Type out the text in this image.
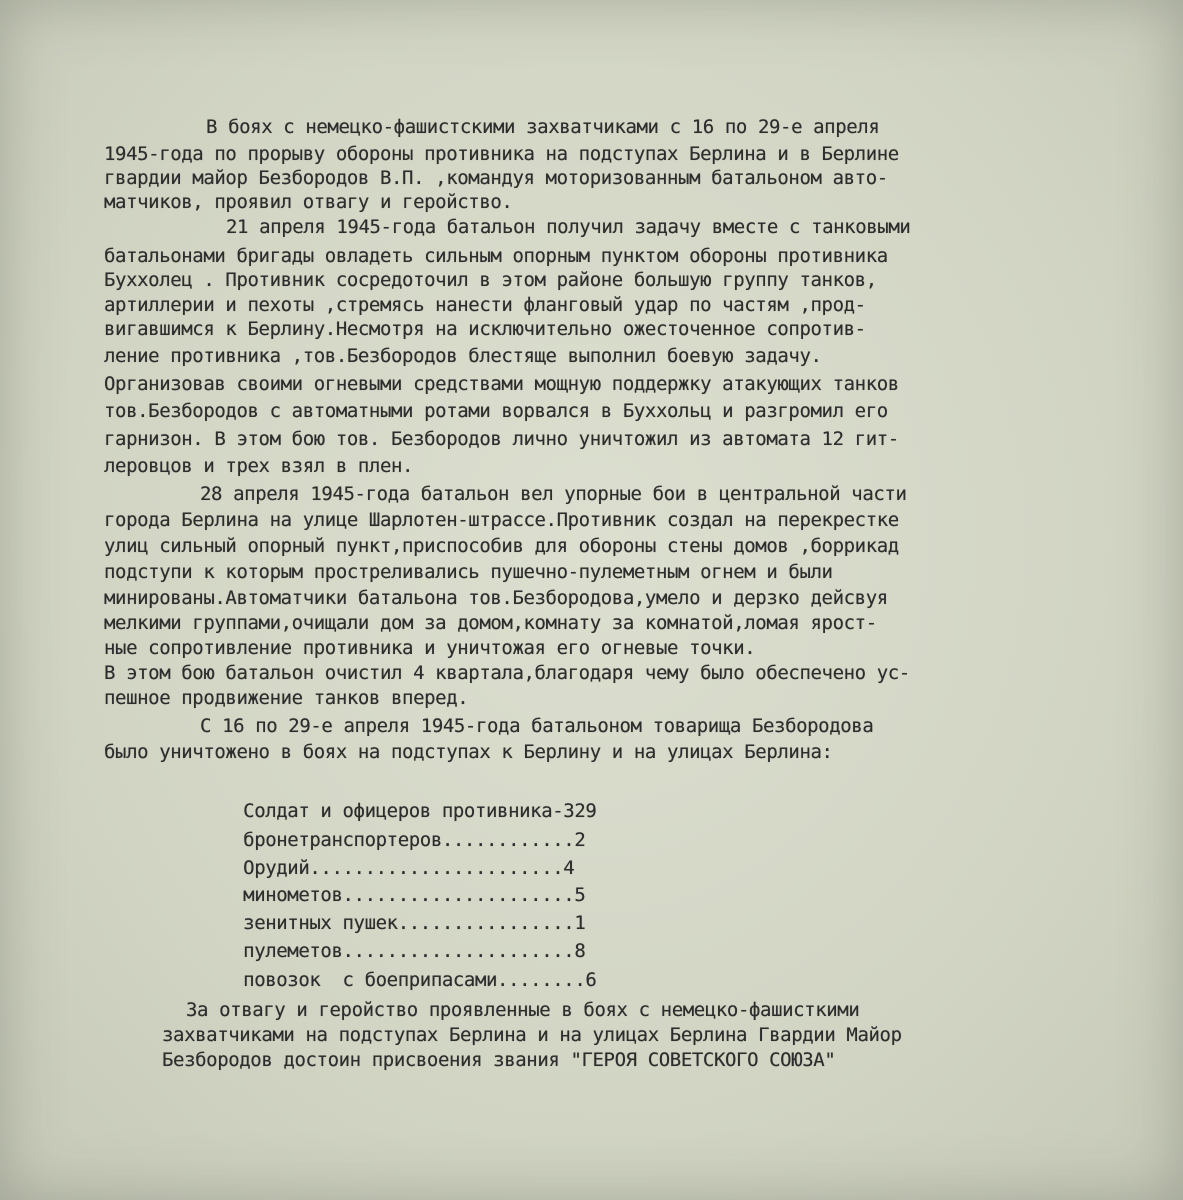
В боях с немецко-фашистскими захватчиками с 16 по 29-е апреля

1945-года по прорыву обороны противника на подступах Берлина и в Берлине

гвардии майор Безбородов В.П. ,командуя моторизованным батальоном авто-

матчиков, проявил отвагу и геройство.

21 апреля 1945-года батальон получил задачу вместе с танковыми

батальонами бригады овладеть сильным опорным пунктом обороны противника

Буххолец . Противник сосредоточил в этом районе большую группу танков,

артиллерии и пехоты ,стремясь нанести фланговый удар по частям ,прод-

вигавшимся к Берлину.Несмотря на исключительно ожесточенное сопротив-

ление противника ,тов.Безбородов блестяще выполнил боевую задачу.

Организовав своими огневыми средствами мощную поддержку атакующих танков

тов.Безбородов с автоматными ротами ворвался в Буххольц и разгромил его

гарнизон. В этом бою тов. Безбородов лично уничтожил из автомата 12 гит-

леровцов и трех взял в плен.

28 апреля 1945-года батальон вел упорные бои в центральной части

города Берлина на улице Шарлотен-штрассе.Противник создал на перекрестке

улиц сильный опорный пункт,приспособив для обороны стены домов ,боррикад

подступи к которым простреливались пушечно-пулеметным огнем и были

минированы.Автоматчики батальона тов.Безбородова,умело и дерзко дейсвуя

мелкими группами,очищали дом за домом,комнату за комнатой,ломая ярост-

ные сопротивление противника и уничтожая его огневые точки.

В этом бою батальон очистил 4 квартала,благодаря чему было обеспечено ус-

пешное продвижение танков вперед.

С 16 по 29-е апреля 1945-года батальоном товарища Безбородова

было уничтожено в боях на подступах к Берлину и на улицах Берлина:

Солдат и офицеров противника-329

бронетранспортеров............2

Орудий.......................4

минометов.....................5

зенитных пушек................1

пулеметов.....................8

повозок  с боеприпасами........6

За отвагу и геройство проявленные в боях с немецко-фашисткими

захватчиками на подступах Берлина и на улицах Берлина Гвардии Майор

Безбородов достоин присвоения звания "ГЕРОЯ СОВЕТСКОГО СОЮЗА"
